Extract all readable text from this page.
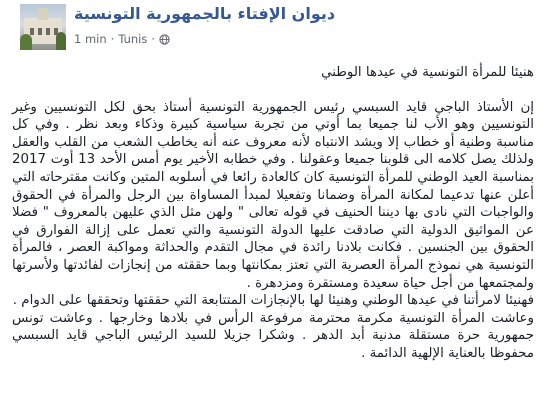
ديوان الإفتاء بالجمهورية التونسية
1 min · Tunis ·

هنيئا للمرأة التونسية في عيدها الوطني

إن الأستاذ الباجي قايد السبسي رئيس الجمهورية التونسية أستاذ بحق لكل التونسيين وغير التونسيين وهو الأب لنا جميعا بما أوتي من تجربة سياسية كبيرة وذكاء وبعد نظر . وفي كل مناسبة وطنية أو خطاب إلا ويشد الانتباه لأنه معروف عنه أنه يخاطب الشعب من القلب والعقل ولذلك يصل كلامه الى قلوبنا جميعا وعقولنا . وفي خطابه الأخير يوم أمس الأحد 13 أوت 2017 بمناسبة العيد الوطني للمرأة التونسية كان كالعادة رائعا في أسلوبه المتين وكانت مقترحاته التي أعلن عنها تدعيما لمكانة المرأة وضمانا وتفعيلا لمبدأ المساواة بين الرجل والمرأة في الحقوق والواجبات التي نادى بها ديننا الحنيف في قوله تعالى " ولهن مثل الذي عليهن بالمعروف " فضلا عن المواثيق الدولية التي صادقت عليها الدولة التونسية والتي تعمل على إزالة الفوارق في الحقوق بين الجنسين . فكانت بلادنا رائدة في مجال التقدم والحداثة ومواكبة العصر ، فالمرأة التونسية هي نموذج المرأة العصرية التي تعتز بمكانتها وبما حققته من إنجازات لفائدتها ولأسرتها ولمجتمعها من أجل حياة سعيدة ومستقرة ومزدهرة .

فهنيئا لامرأتنا في عيدها الوطني وهنيئا لها بالإنجازات المتتابعة التي حققتها وتحققها على الدوام .

وعاشت المرأة التونسية مكرمة محترمة مرفوعة الرأس في بلادها وخارجها . وعاشت تونس جمهورية حرة مستقلة مدنية أبد الدهر . وشكرا جزيلا للسيد الرئيس الباجي قايد السبسي محفوظا بالعناية الإلهية الدائمة .
